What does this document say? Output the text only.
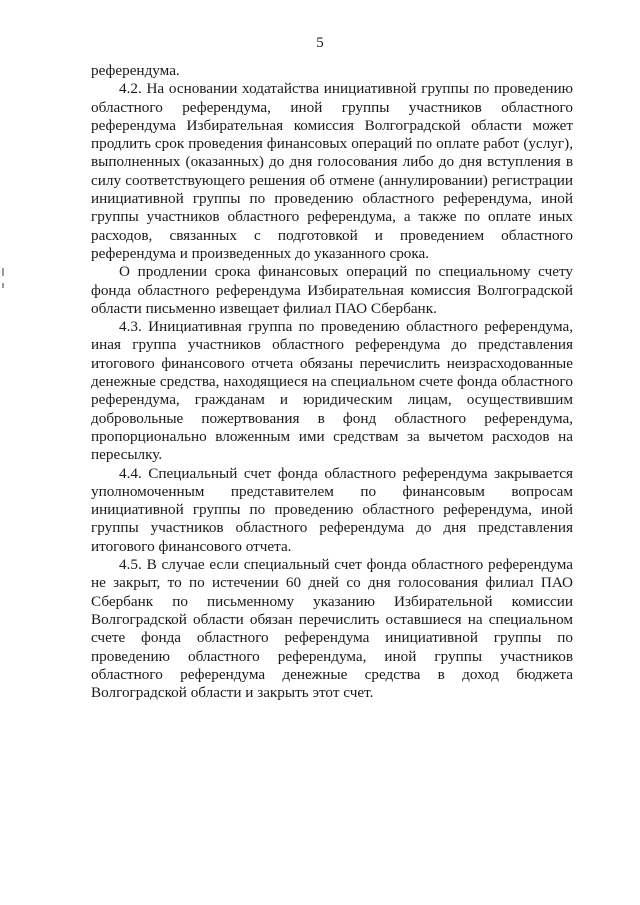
5

референдума.

4.2. На основании ходатайства инициативной группы по проведению областного референдума, иной группы участников областного референдума Избирательная комиссия Волгоградской области может продлить срок проведения финансовых операций по оплате работ (услуг), выполненных (оказанных) до дня голосования либо до дня вступления в силу соответствующего решения об отмене (аннулировании) регистрации инициативной группы по проведению областного референдума, иной группы участников областного референдума, а также по оплате иных расходов, связанных с подготовкой и проведением областного референдума и произведенных до указанного срока.

О продлении срока финансовых операций по специальному счету фонда областного референдума Избирательная комиссия Волгоградской области письменно извещает филиал ПАО Сбербанк.

4.3. Инициативная группа по проведению областного референдума, иная группа участников областного референдума до представления итогового финансового отчета обязаны перечислить неизрасходованные денежные средства, находящиеся на специальном счете фонда областного референдума, гражданам и юридическим лицам, осуществившим добровольные пожертвования в фонд областного референдума, пропорционально вложенным ими средствам за вычетом расходов на пересылку.

4.4. Специальный счет фонда областного референдума закрывается уполномоченным представителем по финансовым вопросам инициативной группы по проведению областного референдума, иной группы участников областного референдума до дня представления итогового финансового отчета.

4.5. В случае если специальный счет фонда областного референдума не закрыт, то по истечении 60 дней со дня голосования филиал ПАО Сбербанк по письменному указанию Избирательной комиссии Волгоградской области обязан перечислить оставшиеся на специальном счете фонда областного референдума инициативной группы по проведению областного референдума, иной группы участников областного референдума денежные средства в доход бюджета Волгоградской области и закрыть этот счет.
